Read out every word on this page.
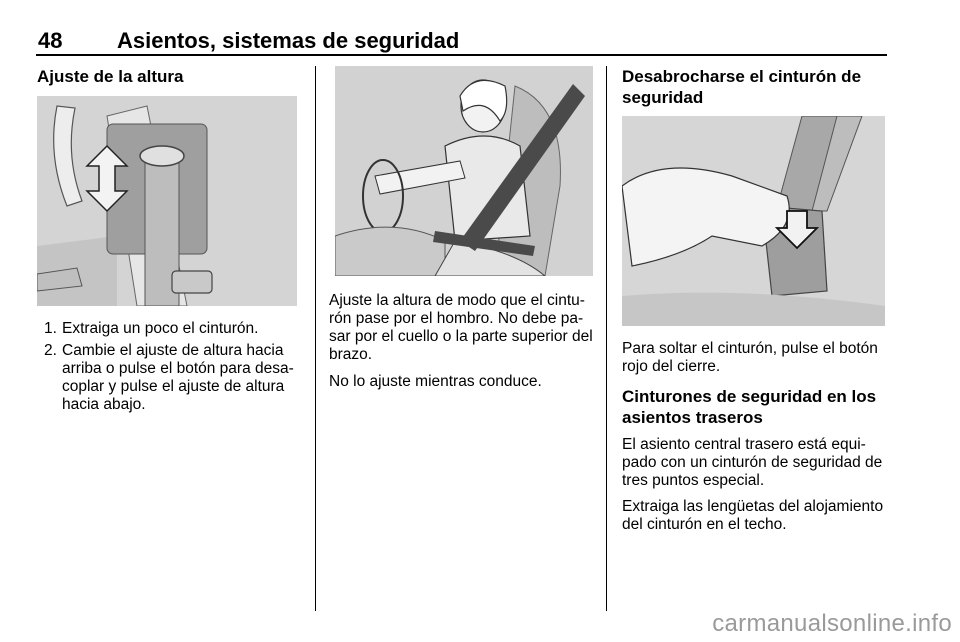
48 Asientos, sistemas de seguridad
Ajuste de la altura
1. Extraiga un poco el cinturón.
2. Cambie el ajuste de altura hacia arriba o pulse el botón para desacoplar y pulse el ajuste de altura hacia abajo.

Ajuste la altura de modo que el cinturón pase por el hombro. No debe pasar por el cuello o la parte superior del brazo.

No lo ajuste mientras conduce.

Desabrocharse el cinturón de seguridad

Para soltar el cinturón, pulse el botón rojo del cierre.

Cinturones de seguridad en los asientos traseros

El asiento central trasero está equipado con un cinturón de seguridad de tres puntos especial.

Extraiga las lengüetas del alojamiento del cinturón en el techo.

carmanualsonline.info
